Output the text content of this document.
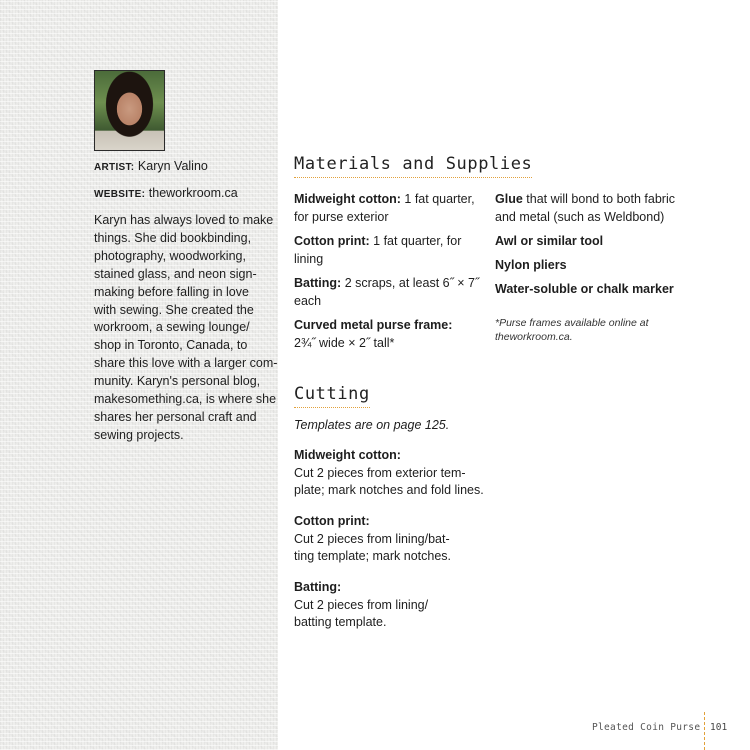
ARTIST: Karyn Valino
WEBSITE: theworkroom.ca
Karyn has always loved to make
things. She did bookbinding,
photography, woodworking,
stained glass, and neon sign-
making before falling in love
with sewing. She created the
workroom, a sewing lounge/
shop in Toronto, Canada, to
share this love with a larger com-
munity. Karyn's personal blog,
makesomething.ca, is where she
shares her personal craft and
sewing projects.
Materials and Supplies
Midweight cotton: 1 fat quarter,
for purse exterior
Cotton print: 1 fat quarter, for
lining
Batting: 2 scraps, at least 6˝ × 7˝
each
Curved metal purse frame:
2¾˝ wide × 2˝ tall*
Glue that will bond to both fabric
and metal (such as Weldbond)
Awl or similar tool
Nylon pliers
Water-soluble or chalk marker
*Purse frames available online at
theworkroom.ca.
Cutting
Templates are on page 125.
Midweight cotton:
Cut 2 pieces from exterior tem-
plate; mark notches and fold lines.
Cotton print:
Cut 2 pieces from lining/bat-
ting template; mark notches.
Batting:
Cut 2 pieces from lining/
batting template.
Pleated Coin Purse 101
